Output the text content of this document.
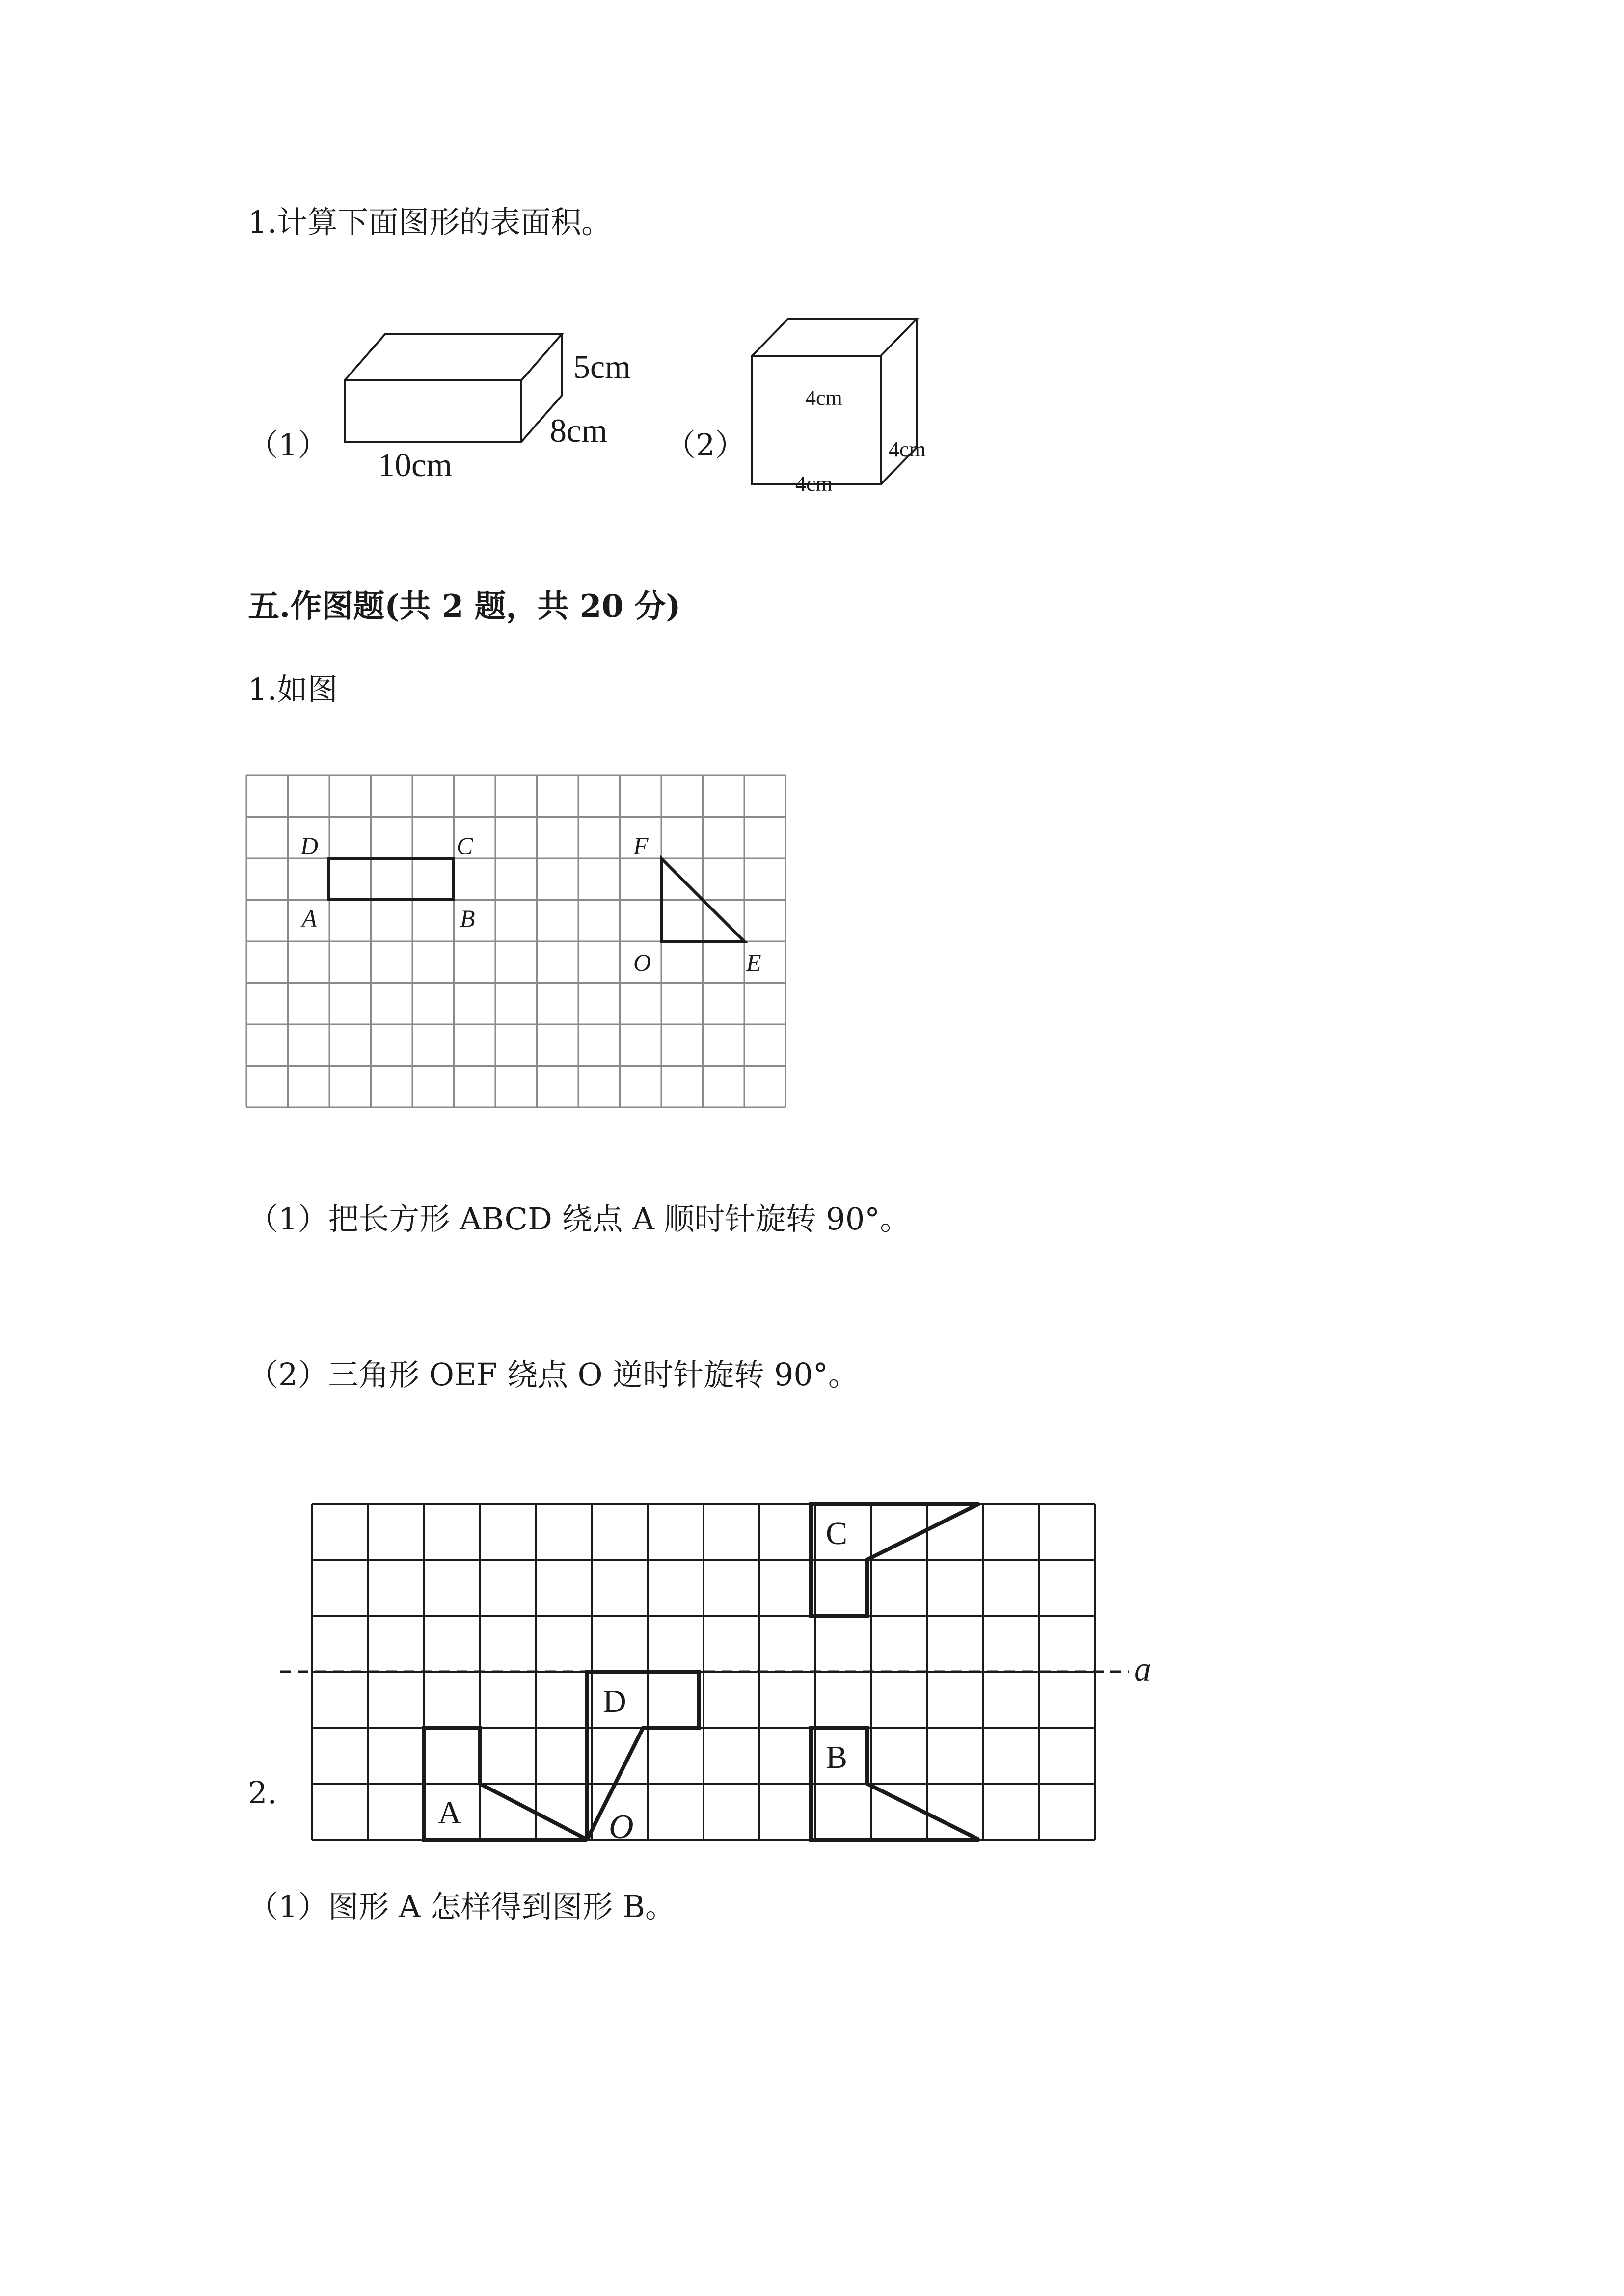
1.计算下面图形的表面积。
（1）
5cm
8cm
10cm
（2）
4cm
4cm
4cm
五.作图题(共 2 题，共 20 分)
1.如图
D	C
A	B
F
O	E
（1）把长方形 ABCD 绕点 A 顺时针旋转 90°。
（2）三角形 OEF 绕点 O 逆时针旋转 90°。
2.
A
D
B
C
O
a
（1）图形 A 怎样得到图形 B。
